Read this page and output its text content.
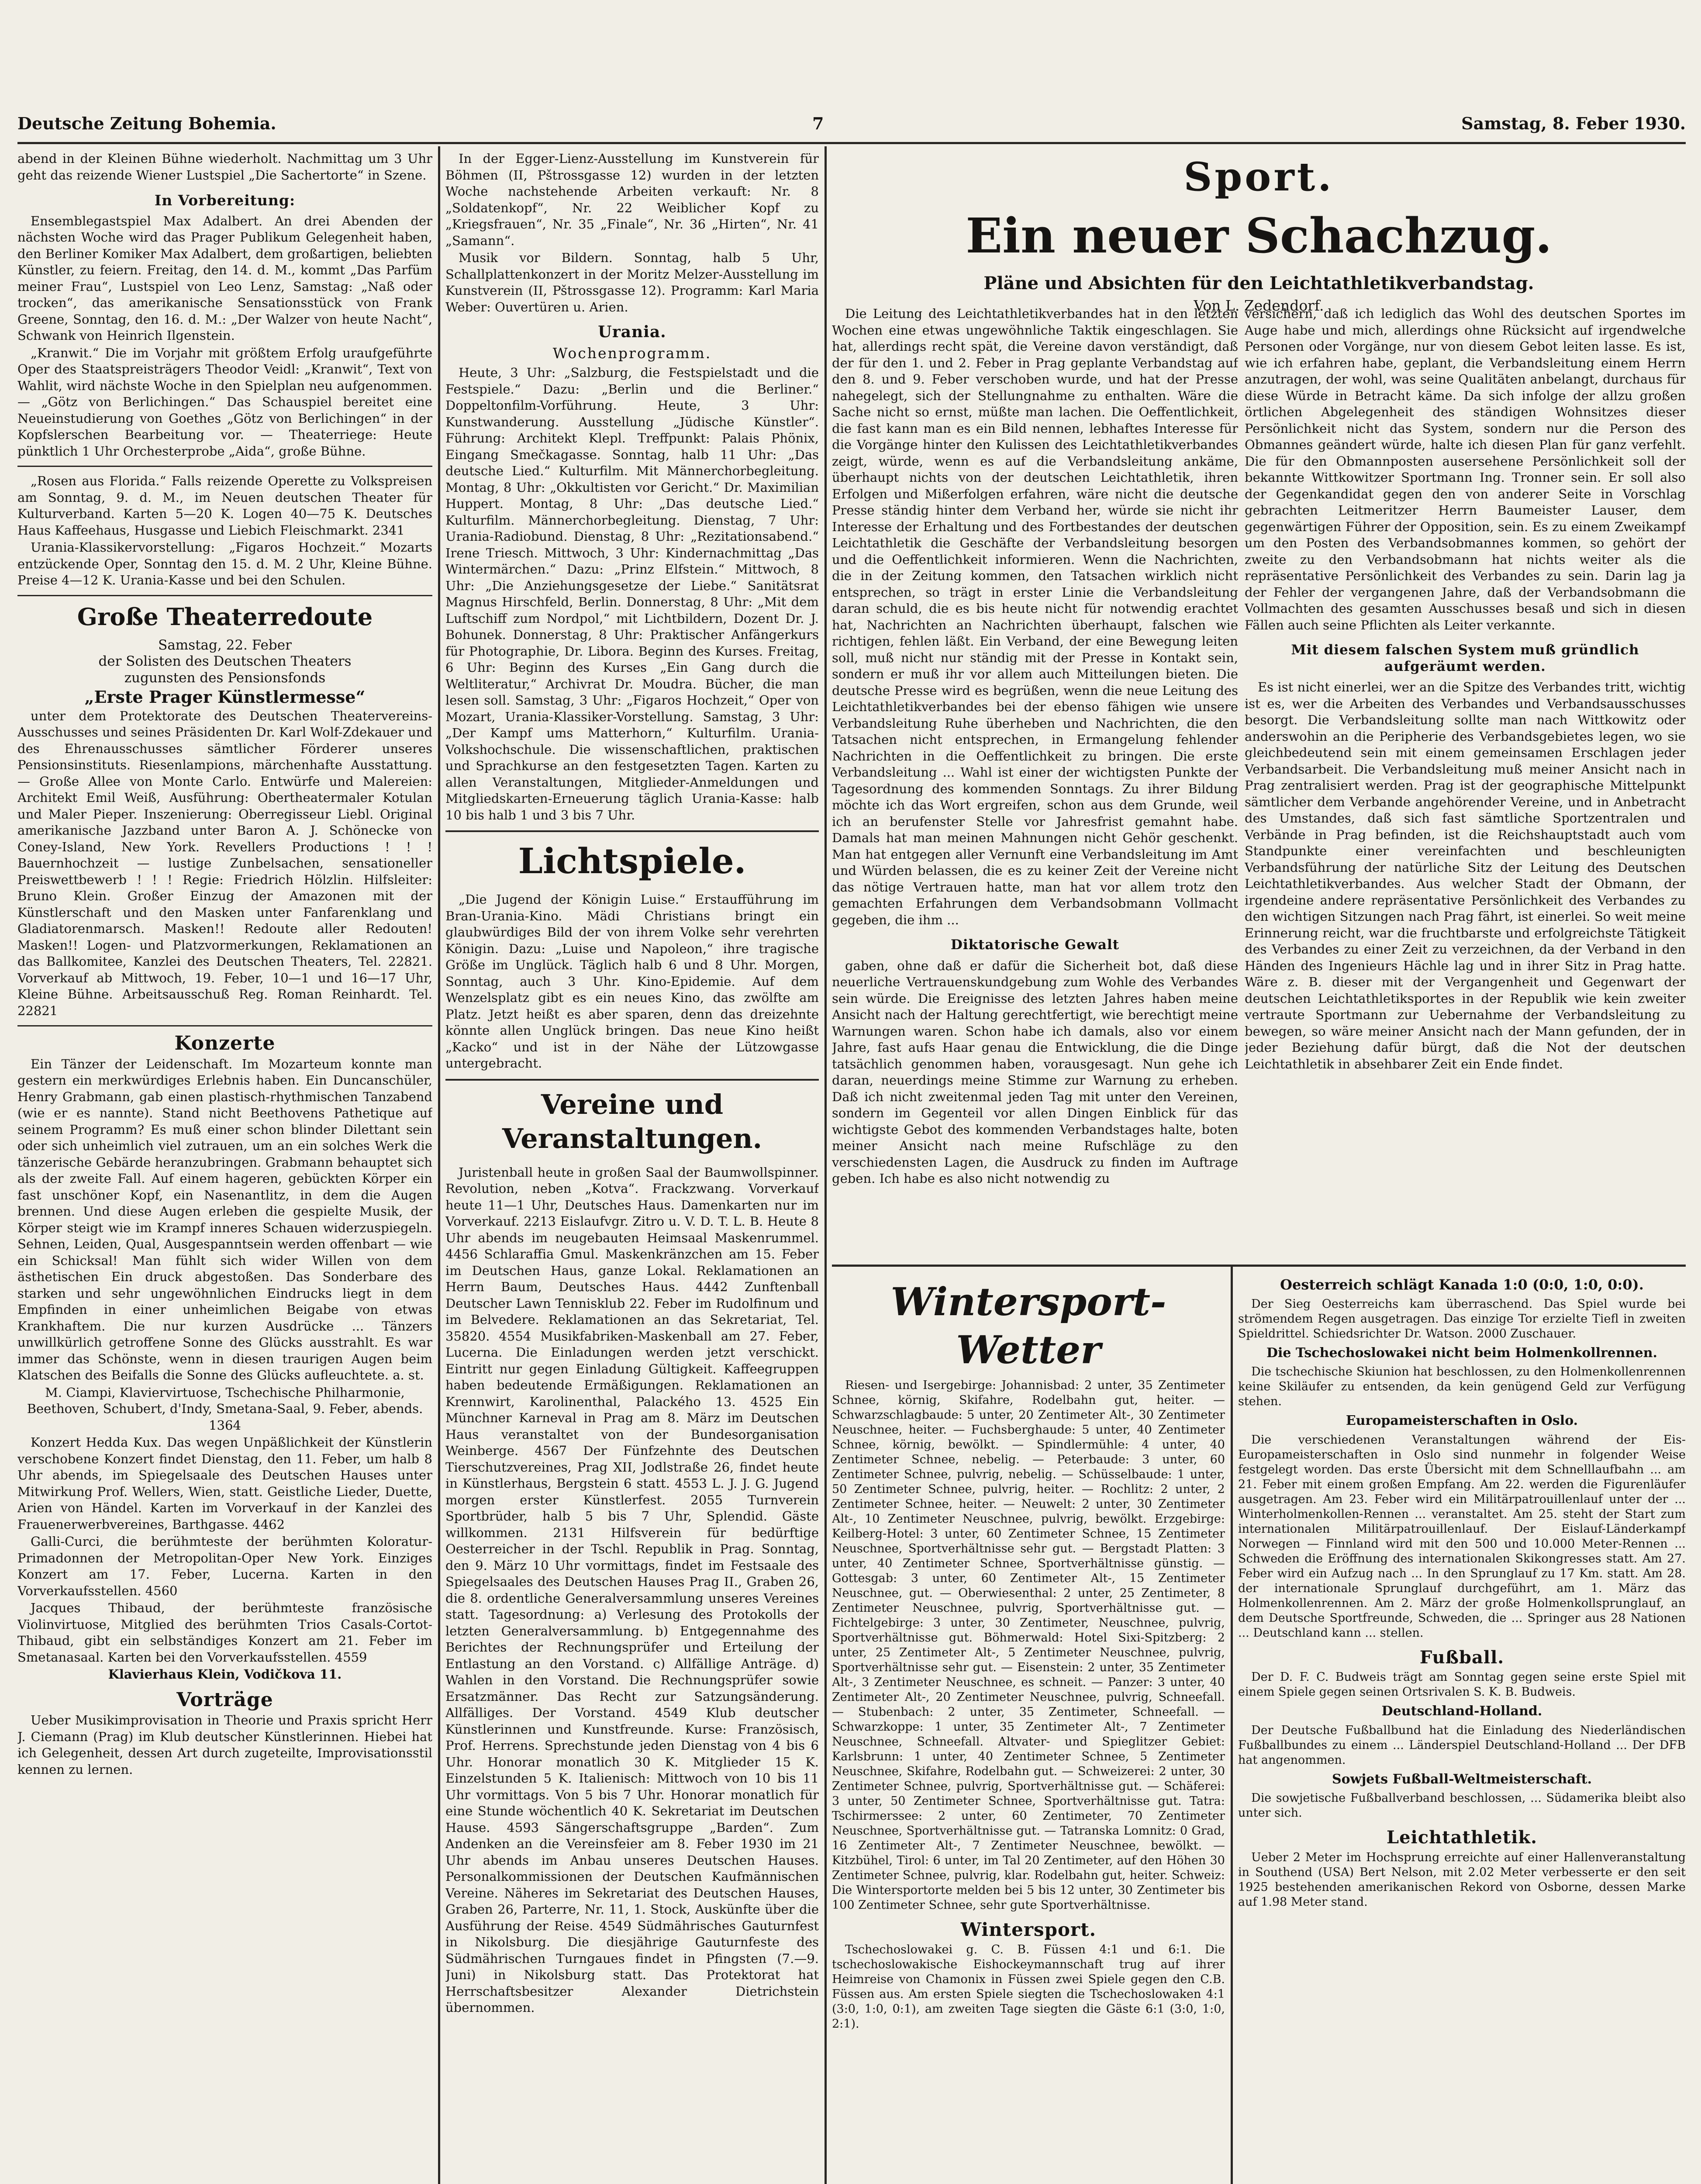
Deutsche Zeitung Bohemia.	7	Samstag, 8. Feber 1930.

abend in der Kleinen Bühne wiederholt. Nachmittag um 3 Uhr geht das reizende Wiener Lustspiel „Die Sachertorte“ in Szene.

In Vorbereitung:

Ensemblegastspiel Max Adalbert. An drei Abenden der nächsten Woche wird das Prager Publikum Gelegenheit haben, den Berliner Komiker Max Adalbert, dem großartigen, beliebten Künstler, zu feiern. Freitag, den 14. d. M., kommt „Das Parfüm meiner Frau“, Lustspiel von Leo Lenz, Samstag: „Naß oder trocken“, das amerikanische Sensationsstück von Frank Greene, Sonntag, den 16. d. M.: „Der Walzer von heute Nacht“, Schwank von Heinrich Ilgenstein.

„Kranwit.“ Die im Vorjahr mit größtem Erfolg uraufgeführte Oper des Staatspreisträgers Theodor Veidl: „Kranwit“, Text von Wahlit, wird nächste Woche in den Spielplan neu aufgenommen. — „Götz von Berlichingen.“ Das Schauspiel bereitet eine Neueinstudierung von Goethes „Götz von Berlichingen“ in der Kopfslerschen Bearbeitung vor. — Theaterriege: Heute pünktlich 1 Uhr Orchesterprobe „Aida“, große Bühne.

„Rosen aus Florida.“ Falls reizende Operette zu Volkspreisen am Sonntag, 9. d. M., im Neuen deutschen Theater für Kulturverband. Karten 5—20 K. Logen 40—75 K. Deutsches Haus Kaffeehaus, Husgasse und Liebich Fleischmarkt. 2341

Urania-Klassikervorstellung: „Figaros Hochzeit.“ Mozarts entzückende Oper, Sonntag den 15. d. M. 2 Uhr, Kleine Bühne. Preise 4—12 K. Urania-Kasse und bei den Schulen.

Große Theaterredoute
Samstag, 22. Feber
der Solisten des Deutschen Theaters
zugunsten des Pensionsfonds
„Erste Prager Künstlermesse“

unter dem Protektorate des Deutschen Theatervereins-Ausschusses und seines Präsidenten Dr. Karl Wolf-Zdekauer und des Ehrenausschusses sämtlicher Förderer unseres Pensionsinstituts. Riesenlampions, märchenhafte Ausstattung. — Große Allee von Monte Carlo. Entwürfe und Malereien: Architekt Emil Weiß, Ausführung: Obertheatermaler Kotulan und Maler Pieper. Inszenierung: Oberregisseur Liebl. Original amerikanische Jazzband unter Baron A. J. Schönecke von Coney-Island, New York. Revellers Productions ! ! ! Bauernhochzeit — lustige Zunbelsachen, sensationeller Preiswettbewerb ! ! ! Regie: Friedrich Hölzlin. Hilfsleiter: Bruno Klein. Großer Einzug der Amazonen mit der Künstlerschaft und den Masken unter Fanfarenklang und Gladiatorenmarsch. Masken!! Redoute aller Redouten! Masken!! Logen- und Platzvormerkungen, Reklamationen an das Ballkomitee, Kanzlei des Deutschen Theaters, Tel. 22821. Vorverkauf ab Mittwoch, 19. Feber, 10—1 und 16—17 Uhr, Kleine Bühne. Arbeitsausschuß Reg. Roman Reinhardt. Tel. 22821

Konzerte

Ein Tänzer der Leidenschaft. Im Mozarteum konnte man gestern ein merkwürdiges Erlebnis haben. Ein Duncanschüler, Henry Grabmann, gab einen plastisch-rhythmischen Tanzabend (wie er es nannte). Stand nicht Beethovens Pathetique auf seinem Programm? Es muß einer schon blinder Dilettant sein oder sich unheimlich viel zutrauen, um an ein solches Werk die tänzerische Gebärde heranzubringen. Grabmann behauptet sich als der zweite Fall. Auf einem hageren, gebückten Körper ein fast unschöner Kopf, ein Nasenantlitz, in dem die Augen brennen. Und diese Augen erleben die gespielte Musik, der Körper steigt wie im Krampf inneres Schauen widerzuspiegeln. Sehnen, Leiden, Qual, Ausgespanntsein werden offenbart — wie ein Schicksal! Man fühlt sich wider Willen von dem ästhetischen Ein druck abgestoßen. Das Sonderbare des starken und sehr ungewöhnlichen Eindrucks liegt in dem Empfinden in einer unheimlichen Beigabe von etwas Krankhaftem. Die nur kurzen Ausdrücke ... Tänzers unwillkürlich getroffene Sonne des Glücks ausstrahlt. Es war immer das Schönste, wenn in diesen traurigen Augen beim Klatschen des Beifalls die Sonne des Glücks aufleuchtete. a. st.

M. Ciampi, Klaviervirtuose, Tschechische Philharmonie, Beethoven, Schubert, d'Indy, Smetana-Saal, 9. Feber, abends. 1364

Konzert Hedda Kux. Das wegen Unpäßlichkeit der Künstlerin verschobene Konzert findet Dienstag, den 11. Feber, um halb 8 Uhr abends, im Spiegelsaale des Deutschen Hauses unter Mitwirkung Prof. Wellers, Wien, statt. Geistliche Lieder, Duette, Arien von Händel. Karten im Vorverkauf in der Kanzlei des Frauenerwerbvereines, Barthgasse. 4462

Galli-Curci, die berühmteste der berühmten Koloratur-Primadonnen der Metropolitan-Oper New York. Einziges Konzert am 17. Feber, Lucerna. Karten in den Vorverkaufsstellen. 4560

Jacques Thibaud, der berühmteste französische Violinvirtuose, Mitglied des berühmten Trios Casals-Cortot-Thibaud, gibt ein selbständiges Konzert am 21. Feber im Smetanasaal. Karten bei den Vorverkaufsstellen. 4559

Klavierhaus Klein, Vodičkova 11.

Vorträge

Ueber Musikimprovisation in Theorie und Praxis spricht Herr J. Ciemann (Prag) im Klub deutscher Künstlerinnen. Hiebei hat ich Gelegenheit, dessen Art durch zugeteilte, Improvisationsstil kennen zu lernen.

In der Egger-Lienz-Ausstellung im Kunstverein für Böhmen (II, Pštrossgasse 12) wurden in der letzten Woche nachstehende Arbeiten verkauft: Nr. 8 „Soldatenkopf“, Nr. 22 Weiblicher Kopf zu „Kriegsfrauen“, Nr. 35 „Finale“, Nr. 36 „Hirten“, Nr. 41 „Samann“.

Musik vor Bildern. Sonntag, halb 5 Uhr, Schallplattenkonzert in der Moritz Melzer-Ausstellung im Kunstverein (II, Pštrossgasse 12). Programm: Karl Maria Weber: Ouvertüren u. Arien.

Urania.
Wochenprogramm.

Heute, 3 Uhr: „Salzburg, die Festspielstadt und die Festspiele.“ Dazu: „Berlin und die Berliner.“ Doppeltonfilm-Vorführung. Heute, 3 Uhr: Kunstwanderung. Ausstellung „Jüdische Künstler“. Führung: Architekt Klepl. Treffpunkt: Palais Phönix, Eingang Smečkagasse. Sonntag, halb 11 Uhr: „Das deutsche Lied.“ Kulturfilm. Mit Männerchorbegleitung. Montag, 8 Uhr: „Okkultisten vor Gericht.“ Dr. Maximilian Huppert. Montag, 8 Uhr: „Das deutsche Lied.“ Kulturfilm. Männerchorbegleitung. Dienstag, 7 Uhr: Urania-Radiobund. Dienstag, 8 Uhr: „Rezitationsabend.“ Irene Triesch. Mittwoch, 3 Uhr: Kindernachmittag „Das Wintermärchen.“ Dazu: „Prinz Elfstein.“ Mittwoch, 8 Uhr: „Die Anziehungsgesetze der Liebe.“ Sanitätsrat Magnus Hirschfeld, Berlin. Donnerstag, 8 Uhr: „Mit dem Luftschiff zum Nordpol,“ mit Lichtbildern, Dozent Dr. J. Bohunek. Donnerstag, 8 Uhr: Praktischer Anfängerkurs für Photographie, Dr. Libora. Beginn des Kurses. Freitag, 6 Uhr: Beginn des Kurses „Ein Gang durch die Weltliteratur,“ Archivrat Dr. Moudra. Bücher, die man lesen soll. Samstag, 3 Uhr: „Figaros Hochzeit,“ Oper von Mozart, Urania-Klassiker-Vorstellung. Samstag, 3 Uhr: „Der Kampf ums Matterhorn,“ Kulturfilm. Urania-Volkshochschule. Die wissenschaftlichen, praktischen und Sprachkurse an den festgesetzten Tagen. Karten zu allen Veranstaltungen, Mitglieder-Anmeldungen und Mitgliedskarten-Erneuerung täglich Urania-Kasse: halb 10 bis halb 1 und 3 bis 7 Uhr.

Lichtspiele.

„Die Jugend der Königin Luise.“ Erstaufführung im Bran-Urania-Kino. Mädi Christians bringt ein glaubwürdiges Bild der von ihrem Volke sehr verehrten Königin. Dazu: „Luise und Napoleon,“ ihre tragische Größe im Unglück. Täglich halb 6 und 8 Uhr. Morgen, Sonntag, auch 3 Uhr. Kino-Epidemie. Auf dem Wenzelsplatz gibt es ein neues Kino, das zwölfte am Platz. Jetzt heißt es aber sparen, denn das dreizehnte könnte allen Unglück bringen. Das neue Kino heißt „Kacko“ und ist in der Nähe der Lützowgasse untergebracht.

Vereine und Veranstaltungen.

Juristenball heute in großen Saal der Baumwollspinner. Revolution, neben „Kotva“. Frackzwang. Vorverkauf heute 11—1 Uhr, Deutsches Haus. Damenkarten nur im Vorverkauf. 2213 Eislaufvgr. Zitro u. V. D. T. L. B. Heute 8 Uhr abends im neugebauten Heimsaal Maskenrummel. 4456 Schlaraffia Gmul. Maskenkränzchen am 15. Feber im Deutschen Haus, ganze Lokal. Reklamationen an Herrn Baum, Deutsches Haus. 4442 Zunftenball Deutscher Lawn Tennisklub 22. Feber im Rudolfinum und im Belvedere. Reklamationen an das Sekretariat, Tel. 35820. 4554 Musikfabriken-Maskenball am 27. Feber, Lucerna. Die Einladungen werden jetzt verschickt. Eintritt nur gegen Einladung Gültigkeit. Kaffeegruppen haben bedeutende Ermäßigungen. Reklamationen an Krennwirt, Karolinenthal, Palackého 13. 4525 Ein Münchner Karneval in Prag am 8. März im Deutschen Haus veranstaltet von der Bundesorganisation Weinberge. 4567 Der Fünfzehnte des Deutschen Tierschutzvereines, Prag XII, Jodlstraße 26, findet heute in Künstlerhaus, Bergstein 6 statt. 4553 L. J. J. G. Jugend morgen erster Künstlerfest. 2055 Turnverein Sportbrüder, halb 5 bis 7 Uhr, Splendid. Gäste willkommen. 2131 Hilfsverein für bedürftige Oesterreicher in der Tschl. Republik in Prag. Sonntag, den 9. März 10 Uhr vormittags, findet im Festsaale des Spiegelsaales des Deutschen Hauses Prag II., Graben 26, die 8. ordentliche Generalversammlung unseres Vereines statt. Tagesordnung: a) Verlesung des Protokolls der letzten Generalversammlung. b) Entgegennahme des Berichtes der Rechnungsprüfer und Erteilung der Entlastung an den Vorstand. c) Allfällige Anträge. d) Wahlen in den Vorstand. Die Rechnungsprüfer sowie Ersatzmänner. Das Recht zur Satzungsänderung. Allfälliges. Der Vorstand. 4549 Klub deutscher Künstlerinnen und Kunstfreunde. Kurse: Französisch, Prof. Herrens. Sprechstunde jeden Dienstag von 4 bis 6 Uhr. Honorar monatlich 30 K. Mitglieder 15 K. Einzelstunden 5 K. Italienisch: Mittwoch von 10 bis 11 Uhr vormittags. Von 5 bis 7 Uhr. Honorar monatlich für eine Stunde wöchentlich 40 K. Sekretariat im Deutschen Hause. 4593 Sängerschaftsgruppe „Barden“. Zum Andenken an die Vereinsfeier am 8. Feber 1930 im 21 Uhr abends im Anbau unseres Deutschen Hauses. Personalkommissionen der Deutschen Kaufmännischen Vereine. Näheres im Sekretariat des Deutschen Hauses, Graben 26, Parterre, Nr. 11, 1. Stock, Auskünfte über die Ausführung der Reise. 4549 Südmährisches Gauturnfest in Nikolsburg. Die diesjährige Gauturnfeste des Südmährischen Turngaues findet in Pfingsten (7.—9. Juni) in Nikolsburg statt. Das Protektorat hat Herrschaftsbesitzer Alexander Dietrichstein übernommen.

Sport.
Ein neuer Schachzug.
Pläne und Absichten für den Leichtathletikverbandstag.
Von L. Zedendorf.

Die Leitung des Leichtathletikverbandes hat in den letzten Wochen eine etwas ungewöhnliche Taktik eingeschlagen. Sie hat, allerdings recht spät, die Vereine davon verständigt, daß der für den 1. und 2. Feber in Prag geplante Verbandstag auf den 8. und 9. Feber verschoben wurde, und hat der Presse nahegelegt, sich der Stellungnahme zu enthalten. Wäre die Sache nicht so ernst, müßte man lachen. Die Oeffentlichkeit, die fast kann man es ein Bild nennen, lebhaftes Interesse für die Vorgänge hinter den Kulissen des Leichtathletikverbandes zeigt, würde, wenn es auf die Verbandsleitung ankäme, überhaupt nichts von der deutschen Leichtathletik, ihren Erfolgen und Mißerfolgen erfahren, wäre nicht die deutsche Presse ständig hinter dem Verband her, würde sie nicht ihr Interesse der Erhaltung und des Fortbestandes der deutschen Leichtathletik die Geschäfte der Verbandsleitung besorgen und die Oeffentlichkeit informieren. Wenn die Nachrichten, die in der Zeitung kommen, den Tatsachen wirklich nicht entsprechen, so trägt in erster Linie die Verbandsleitung daran schuld, die es bis heute nicht für notwendig erachtet hat, Nachrichten an Nachrichten überhaupt, falschen wie richtigen, fehlen läßt. Ein Verband, der eine Bewegung leiten soll, muß nicht nur ständig mit der Presse in Kontakt sein, sondern er muß ihr vor allem auch Mitteilungen bieten. Die deutsche Presse wird es begrüßen, wenn die neue Leitung des Leichtathletikverbandes bei der ebenso fähigen wie unsere Verbandsleitung Ruhe überheben und Nachrichten, die den Tatsachen nicht entsprechen, in Ermangelung fehlender Nachrichten in die Oeffentlichkeit zu bringen. Die erste Verbandsleitung ... Wahl ist einer der wichtigsten Punkte der Tagesordnung des kommenden Sonntags. Zu ihrer Bildung möchte ich das Wort ergreifen, schon aus dem Grunde, weil ich an berufenster Stelle vor Jahresfrist gemahnt habe. Damals hat man meinen Mahnungen nicht Gehör geschenkt. Man hat entgegen aller Vernunft eine Verbandsleitung im Amt und Würden belassen, die es zu keiner Zeit der Vereine nicht das nötige Vertrauen hatte, man hat vor allem trotz den gemachten Erfahrungen dem Verbandsobmann Vollmacht gegeben, die ihm ...

Diktatorische Gewalt

gaben, ohne daß er dafür die Sicherheit bot, daß diese neuerliche Vertrauenskundgebung zum Wohle des Verbandes sein würde. Die Ereignisse des letzten Jahres haben meine Ansicht nach der Haltung gerechtfertigt, wie berechtigt meine Warnungen waren. Schon habe ich damals, also vor einem Jahre, fast aufs Haar genau die Entwicklung, die die Dinge tatsächlich genommen haben, vorausgesagt. Nun gehe ich daran, neuerdings meine Stimme zur Warnung zu erheben. Daß ich nicht zweitenmal jeden Tag mit unter den Vereinen, sondern im Gegenteil vor allen Dingen Einblick für das wichtigste Gebot des kommenden Verbandstages halte, boten meiner Ansicht nach meine Rufschläge zu den verschiedensten Lagen, die Ausdruck zu finden im Auftrage geben. Ich habe es also nicht notwendig zu

versichern, daß ich lediglich das Wohl des deutschen Sportes im Auge habe und mich, allerdings ohne Rücksicht auf irgendwelche Personen oder Vorgänge, nur von diesem Gebot leiten lasse. Es ist, wie ich erfahren habe, geplant, die Verbandsleitung einem Herrn anzutragen, der wohl, was seine Qualitäten anbelangt, durchaus für diese Würde in Betracht käme. Da sich infolge der allzu großen örtlichen Abgelegenheit des ständigen Wohnsitzes dieser Persönlichkeit nicht das System, sondern nur die Person des Obmannes geändert würde, halte ich diesen Plan für ganz verfehlt. Die für den Obmannposten ausersehene Persönlichkeit soll der bekannte Wittkowitzer Sportmann Ing. Tronner sein. Er soll also der Gegenkandidat gegen den von anderer Seite in Vorschlag gebrachten Leitmeritzer Herrn Baumeister Lauser, dem gegenwärtigen Führer der Opposition, sein. Es zu einem Zweikampf um den Posten des Verbandsobmannes kommen, so gehört der zweite zu den Verbandsobmann hat nichts weiter als die repräsentative Persönlichkeit des Verbandes zu sein. Darin lag ja der Fehler der vergangenen Jahre, daß der Verbandsobmann die Vollmachten des gesamten Ausschusses besaß und sich in diesen Fällen auch seine Pflichten als Leiter verkannte.

Mit diesem falschen System muß gründlich aufgeräumt werden.

Es ist nicht einerlei, wer an die Spitze des Verbandes tritt, wichtig ist es, wer die Arbeiten des Verbandes und Verbandsausschusses besorgt. Die Verbandsleitung sollte man nach Wittkowitz oder anderswohin an die Peripherie des Verbandsgebietes legen, wo sie gleichbedeutend sein mit einem gemeinsamen Erschlagen jeder Verbandsarbeit. Die Verbandsleitung muß meiner Ansicht nach in Prag zentralisiert werden. Prag ist der geographische Mittelpunkt sämtlicher dem Verbande angehörender Vereine, und in Anbetracht des Umstandes, daß sich fast sämtliche Sportzentralen und Verbände in Prag befinden, ist die Reichshauptstadt auch vom Standpunkte einer vereinfachten und beschleunigten Verbandsführung der natürliche Sitz der Leitung des Deutschen Leichtathletikverbandes. Aus welcher Stadt der Obmann, der irgendeine andere repräsentative Persönlichkeit des Verbandes zu den wichtigen Sitzungen nach Prag fährt, ist einerlei. So weit meine Erinnerung reicht, war die fruchtbarste und erfolgreichste Tätigkeit des Verbandes zu einer Zeit zu verzeichnen, da der Verband in den Händen des Ingenieurs Hächle lag und in ihrer Sitz in Prag hatte. Wäre z. B. dieser mit der Vergangenheit und Gegenwart der deutschen Leichtathletiksportes in der Republik wie kein zweiter vertraute Sportmann zur Uebernahme der Verbandsleitung zu bewegen, so wäre meiner Ansicht nach der Mann gefunden, der in jeder Beziehung dafür bürgt, daß die Not der deutschen Leichtathletik in absehbarer Zeit ein Ende findet.

Wintersport-Wetter

Riesen- und Isergebirge: Johannisbad: 2 unter, 35 Zentimeter Schnee, körnig, Skifahre, Rodelbahn gut, heiter. — Schwarzschlagbaude: 5 unter, 20 Zentimeter Alt-, 30 Zentimeter Neuschnee, heiter. — Fuchsberghaude: 5 unter, 40 Zentimeter Schnee, körnig, bewölkt. — Spindlermühle: 4 unter, 40 Zentimeter Schnee, nebelig. — Peterbaude: 3 unter, 60 Zentimeter Schnee, pulvrig, nebelig. — Schüsselbaude: 1 unter, 50 Zentimeter Schnee, pulvrig, heiter. — Rochlitz: 2 unter, 2 Zentimeter Schnee, heiter. — Neuwelt: 2 unter, 30 Zentimeter Alt-, 10 Zentimeter Neuschnee, pulvrig, bewölkt. Erzgebirge: Keilberg-Hotel: 3 unter, 60 Zentimeter Schnee, 15 Zentimeter Neuschnee, Sportverhältnisse sehr gut. — Bergstadt Platten: 3 unter, 40 Zentimeter Schnee, Sportverhältnisse günstig. — Gottesgab: 3 unter, 60 Zentimeter Alt-, 15 Zentimeter Neuschnee, gut. — Oberwiesenthal: 2 unter, 25 Zentimeter, 8 Zentimeter Neuschnee, pulvrig, Sportverhältnisse gut. — Fichtelgebirge: 3 unter, 30 Zentimeter, Neuschnee, pulvrig, Sportverhältnisse gut. Böhmerwald: Hotel Sixi-Spitzberg: 2 unter, 25 Zentimeter Alt-, 5 Zentimeter Neuschnee, pulvrig, Sportverhältnisse sehr gut. — Eisenstein: 2 unter, 35 Zentimeter Alt-, 3 Zentimeter Neuschnee, es schneit. — Panzer: 3 unter, 40 Zentimeter Alt-, 20 Zentimeter Neuschnee, pulvrig, Schneefall. — Stubenbach: 2 unter, 35 Zentimeter, Schneefall. — Schwarzkoppe: 1 unter, 35 Zentimeter Alt-, 7 Zentimeter Neuschnee, Schneefall. Altvater- und Spieglitzer Gebiet: Karlsbrunn: 1 unter, 40 Zentimeter Schnee, 5 Zentimeter Neuschnee, Skifahre, Rodelbahn gut. — Schweizerei: 2 unter, 30 Zentimeter Schnee, pulvrig, Sportverhältnisse gut. — Schäferei: 3 unter, 50 Zentimeter Schnee, Sportverhältnisse gut. Tatra: Tschirmerssee: 2 unter, 60 Zentimeter, 70 Zentimeter Neuschnee, Sportverhältnisse gut. — Tatranska Lomnitz: 0 Grad, 16 Zentimeter Alt-, 7 Zentimeter Neuschnee, bewölkt. — Kitzbühel, Tirol: 6 unter, im Tal 20 Zentimeter, auf den Höhen 30 Zentimeter Schnee, pulvrig, klar. Rodelbahn gut, heiter. Schweiz: Die Wintersportorte melden bei 5 bis 12 unter, 30 Zentimeter bis 100 Zentimeter Schnee, sehr gute Sportverhältnisse.

Wintersport.

Tschechoslowakei g. C. B. Füssen 4:1 und 6:1. Die tschechoslowakische Eishockeymannschaft trug auf ihrer Heimreise von Chamonix in Füssen zwei Spiele gegen den C.B. Füssen aus. Am ersten Spiele siegten die Tschechoslowaken 4:1 (3:0, 1:0, 0:1), am zweiten Tage siegten die Gäste 6:1 (3:0, 1:0, 2:1).

Oesterreich schlägt Kanada 1:0 (0:0, 1:0, 0:0).

Der Sieg Oesterreichs kam überraschend. Das Spiel wurde bei strömendem Regen ausgetragen. Das einzige Tor erzielte Tiefl in zweiten Spieldrittel. Schiedsrichter Dr. Watson. 2000 Zuschauer.

Die Tschechoslowakei nicht beim Holmenkollrennen.

Die tschechische Skiunion hat beschlossen, zu den Holmenkollenrennen keine Skiläufer zu entsenden, da kein genügend Geld zur Verfügung stehen.

Europameisterschaften in Oslo.

Die verschiedenen Veranstaltungen während der Eis-Europameisterschaften in Oslo sind nunmehr in folgender Weise festgelegt worden. Das erste Übersicht mit dem Schnelllaufbahn ... am 21. Feber mit einem großen Empfang. Am 22. werden die Figurenläufer ausgetragen. Am 23. Feber wird ein Militärpatrouillenlauf unter der ... Winterholmenkollen-Rennen ... veranstaltet. Am 25. steht der Start zum internationalen Militärpatrouillenlauf. Der Eislauf-Länderkampf Norwegen — Finnland wird mit den 500 und 10.000 Meter-Rennen ... Schweden die Eröffnung des internationalen Skikongresses statt. Am 27. Feber wird ein Aufzug nach ... In den Sprunglauf zu 17 Km. statt. Am 28. der internationale Sprunglauf durchgeführt, am 1. März das Holmenkollenrennen. Am 2. März der große Holmenkollsprunglauf, an dem Deutsche Sportfreunde, Schweden, die ... Springer aus 28 Nationen ... Deutschland kann ... stellen.

Fußball.

Der D. F. C. Budweis trägt am Sonntag gegen seine erste Spiel mit einem Spiele gegen seinen Ortsrivalen S. K. B. Budweis.

Deutschland-Holland.

Der Deutsche Fußballbund hat die Einladung des Niederländischen Fußballbundes zu einem ... Länderspiel Deutschland-Holland ... Der DFB hat angenommen.

Sowjets Fußball-Weltmeisterschaft.

Die sowjetische Fußballverband beschlossen, ... Südamerika bleibt also unter sich.

Leichtathletik.

Ueber 2 Meter im Hochsprung erreichte auf einer Hallenveranstaltung in Southend (USA) Bert Nelson, mit 2.02 Meter verbesserte er den seit 1925 bestehenden amerikanischen Rekord von Osborne, dessen Marke auf 1.98 Meter stand.
